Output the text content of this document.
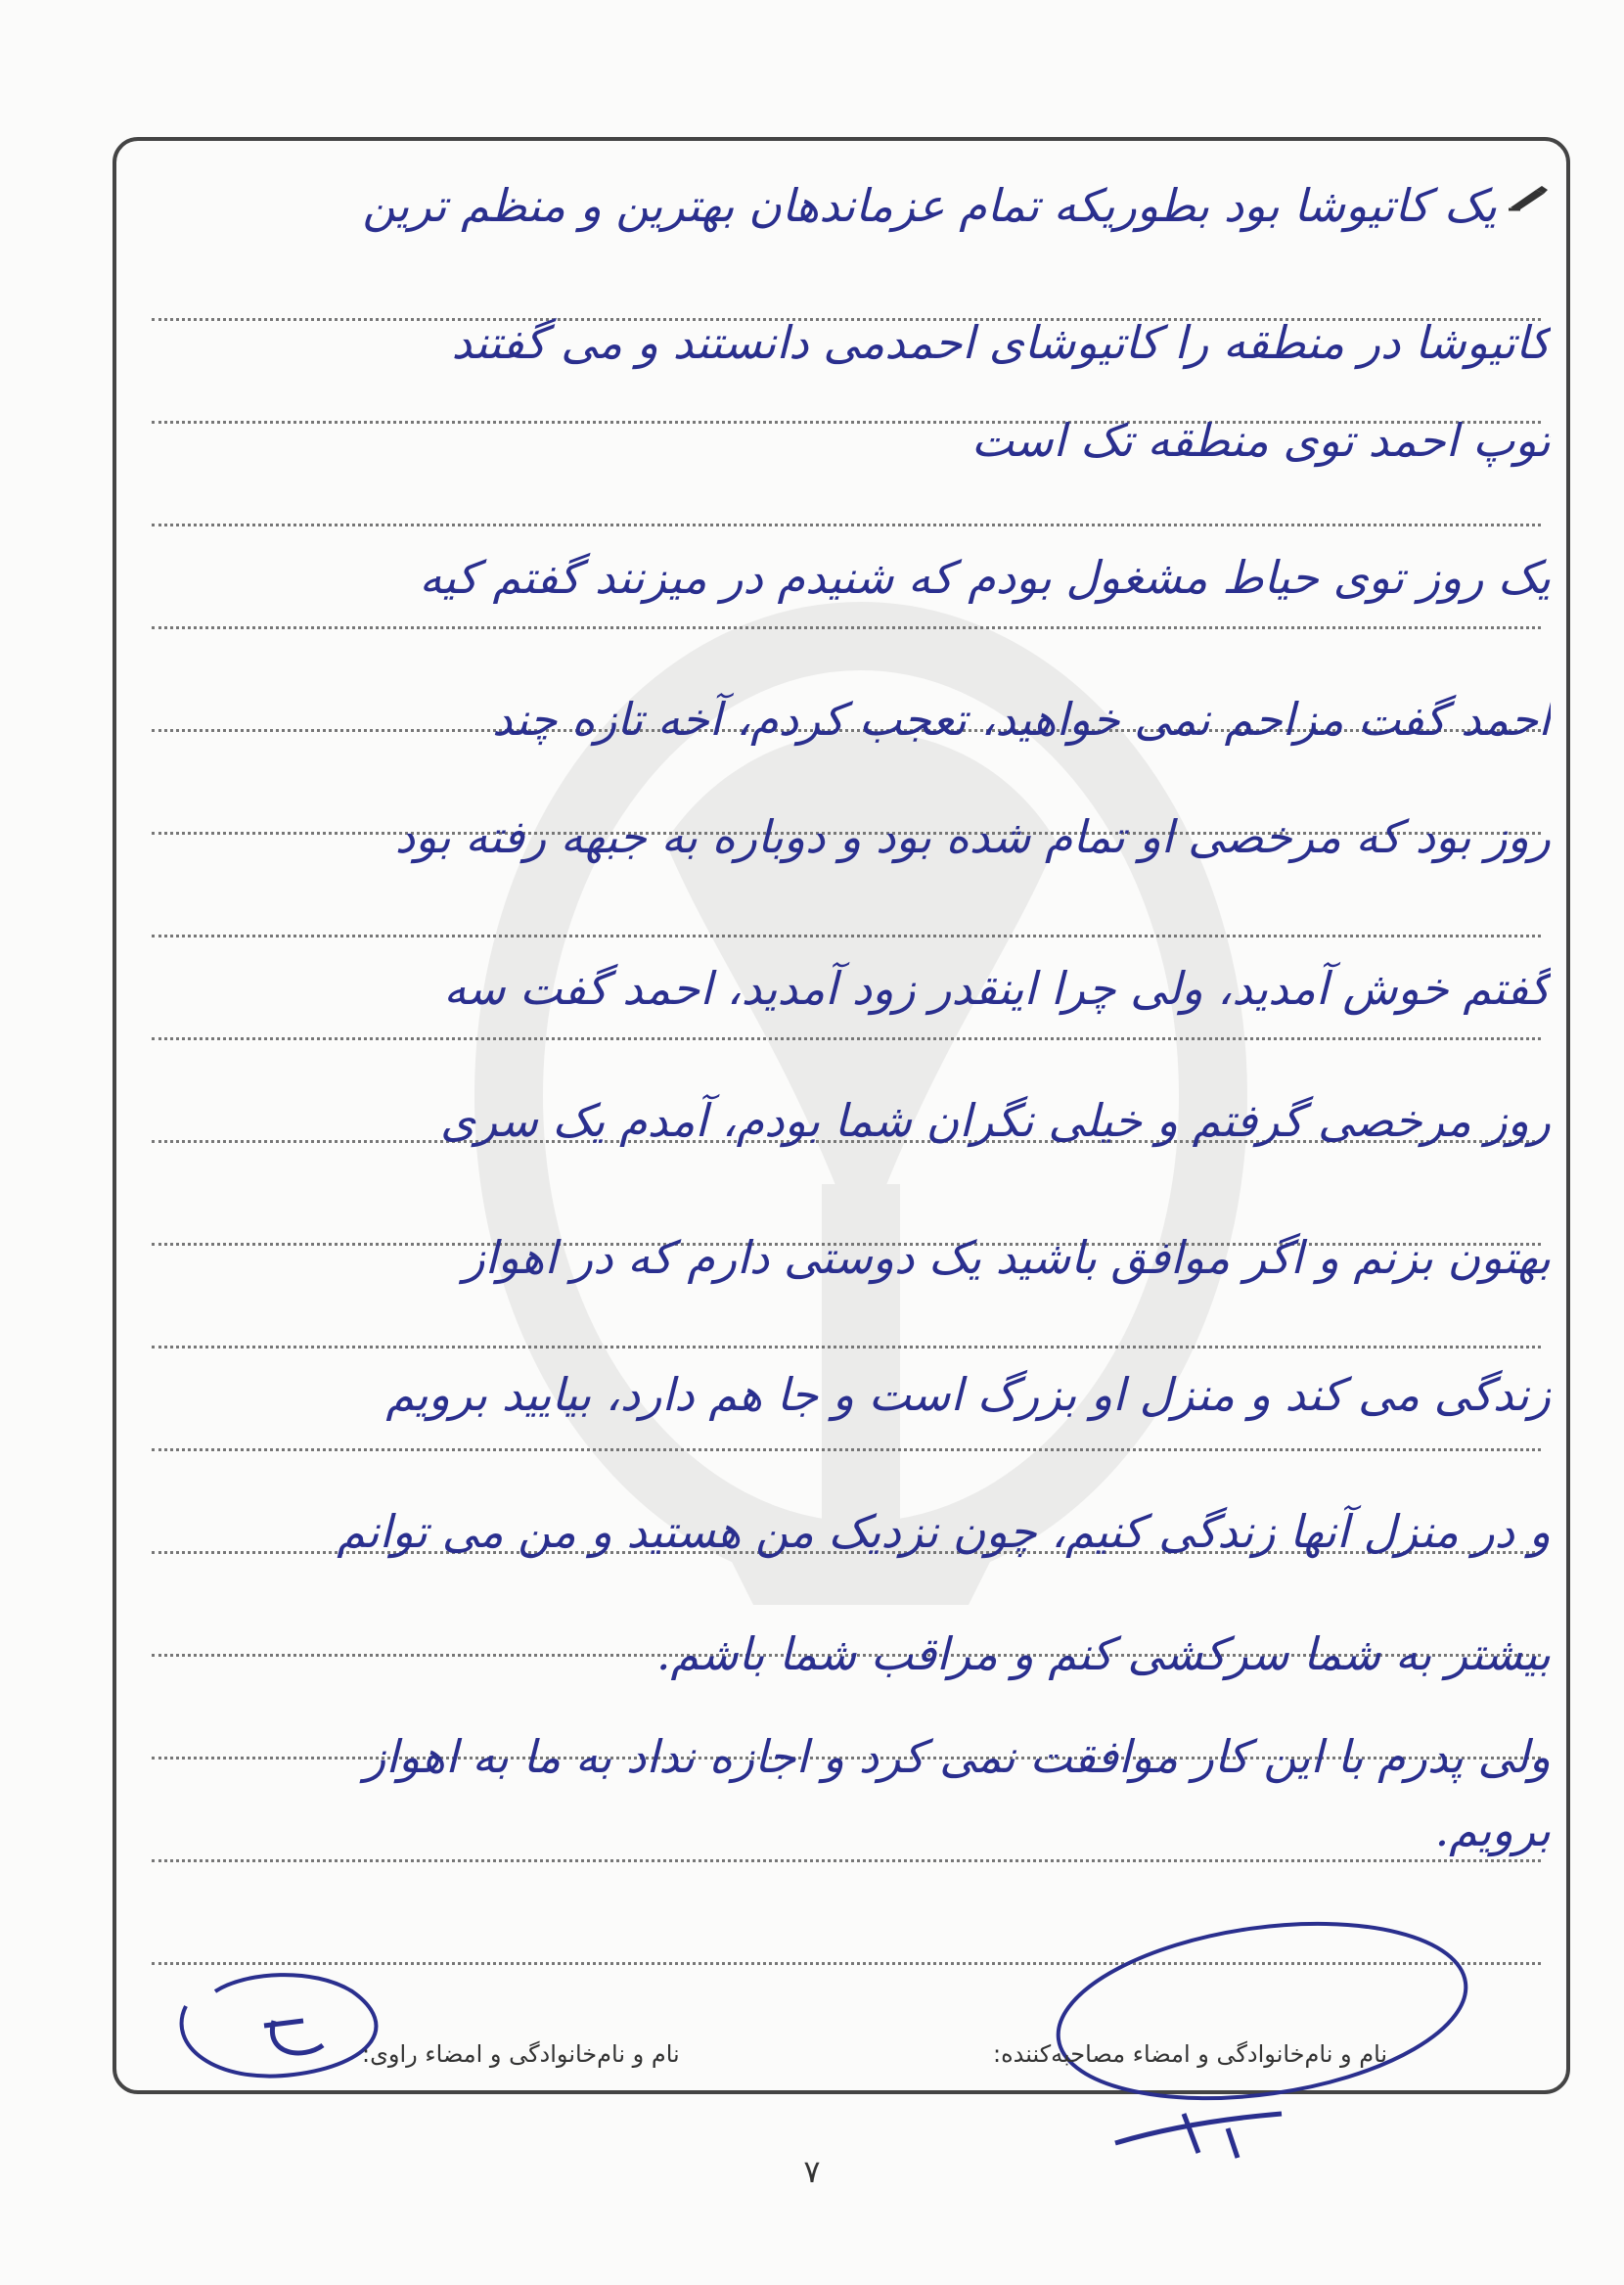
یک کاتیوشا بود بطوریکه تمام عزماندهان بهترین و منظم ترین
کاتیوشا در منطقه را کاتیوشای احمدمی دانستند و می گفتند
توپ احمد توی منطقه تک است
یک روز توی حیاط مشغول بودم که شنیدم در میزنند گفتم کیه
احمد گفت مزاحم نمی خواهید، تعجب کردم، آخه تازه چند
روز بود که مرخصی او تمام شده بود و دوباره به جبهه رفته بود
گفتم خوش آمدید، ولی چرا اینقدر زود آمدید، احمد گفت سه
روز مرخصی گرفتم و خیلی نگران شما بودم، آمدم یک سری
بهتون بزنم و اگر موافق باشید یک دوستی دارم که در اهواز
زندگی می کند و منزل او بزرگ است و جا هم دارد، بیایید برویم
و در منزل آنها زندگی کنیم، چون نزدیک من هستید و من می توانم
بیشتر به شما سرکشی کنم و مراقب شما باشم.
ولی پدرم با این کار موافقت نمی کرد و اجازه نداد به ما به اهواز
برویم.
نام و نام‌خانوادگی و امضاء راوی:	نام و نام‌خانوادگی و امضاء مصاحبه‌کننده:
۷
